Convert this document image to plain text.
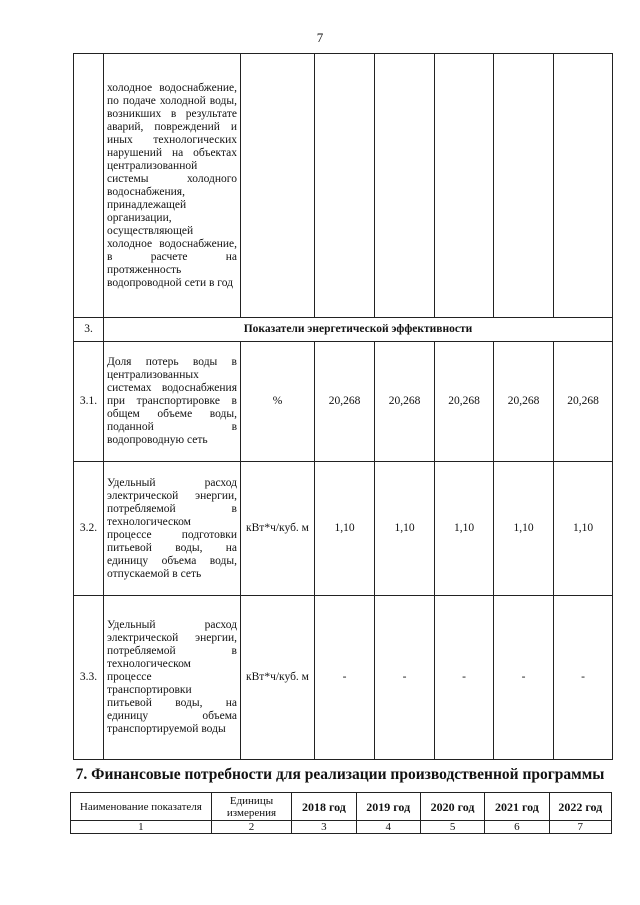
7
	холодное водоснабжение, по подаче холодной воды, возникших в результате аварий, повреждений и иных технологических нарушений на объектах централизованной системы холодного водоснабжения, принадлежащей организации, осуществляющей холодное водоснабжение, в расчете на протяженность водопроводной сети в год						
3.	Показатели энергетической эффективности						
3.1.	Доля потерь воды в централизованных системах водоснабжения при транспортировке в общем объеме воды, поданной в водопроводную сеть	%	20,268	20,268	20,268	20,268	20,268
3.2.	Удельный расход электрической энергии, потребляемой в технологическом процессе подготовки питьевой воды, на единицу объема воды, отпускаемой в сеть	кВт*ч/куб. м	1,10	1,10	1,10	1,10	1,10
3.3.	Удельный расход электрической энергии, потребляемой в технологическом процессе транспортировки питьевой воды, на единицу объема транспортируемой воды	кВт*ч/куб. м	-	-	-	-	-
7. Финансовые потребности для реализации производственной программы
Наименование показателя	Единицы измерения	2018 год	2019 год	2020 год	2021 год	2022 год
1	2	3	4	5	6	7
